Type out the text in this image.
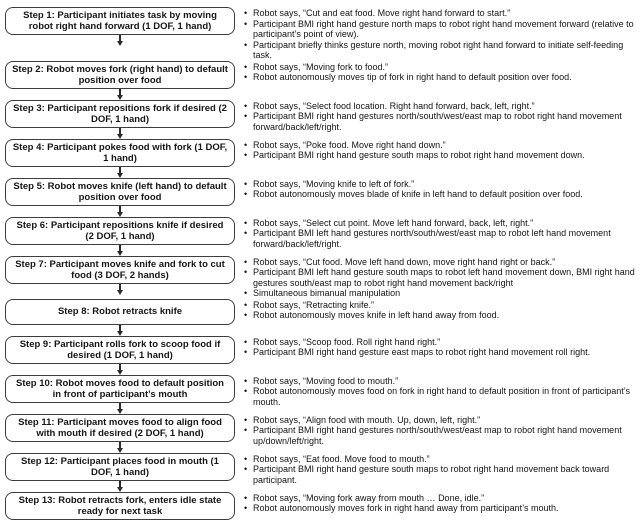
Step 1: Participant initiates task by moving robot right hand forward (1 DOF, 1 hand)
• Robot says, “Cut and eat food. Move right hand forward to start.”
• Participant BMI right hand gesture north maps to robot right hand movement forward (relative to participant’s point of view).
• Participant briefly thinks gesture north, moving robot right hand forward to initiate self-feeding task.
Step 2: Robot moves fork (right hand) to default position over food
• Robot says, “Moving fork to food.”
• Robot autonomously moves tip of fork in right hand to default position over food.
Step 3: Participant repositions fork if desired (2 DOF, 1 hand)
• Robot says, “Select food location. Right hand forward, back, left, right.”
• Participant BMI right hand gestures north/south/west/east map to robot right hand movement forward/back/left/right.
Step 4: Participant pokes food with fork (1 DOF, 1 hand)
• Robot says, “Poke food. Move right hand down.”
• Participant BMI right hand gesture south maps to robot right hand movement down.
Step 5: Robot moves knife (left hand) to default position over food
• Robot says, “Moving knife to left of fork.”
• Robot autonomously moves blade of knife in left hand to default position over food.
Step 6: Participant repositions knife if desired (2 DOF, 1 hand)
• Robot says, “Select cut point. Move left hand forward, back, left, right.”
• Participant BMI left hand gestures north/south/west/east map to robot left hand movement forward/back/left/right.
Step 7: Participant moves knife and fork to cut food (3 DOF, 2 hands)
• Robot says, “Cut food. Move left hand down, move right hand right or back.”
• Participant BMI left hand gesture south maps to robot left hand movement down, BMI right hand gestures south/east map to robot right hand movement back/right
• Simultaneous bimanual manipulation
Step 8: Robot retracts knife
• Robot says, “Retracting knife.”
• Robot autonomously moves knife in left hand away from food.
Step 9: Participant rolls fork to scoop food if desired (1 DOF, 1 hand)
• Robot says, “Scoop food. Roll right hand right.”
• Participant BMI right hand gesture east maps to robot right hand movement roll right.
Step 10: Robot moves food to default position in front of participant’s mouth
• Robot says, “Moving food to mouth.”
• Robot autonomously moves food on fork in right hand to default position in front of participant’s mouth.
Step 11: Participant moves food to align food with mouth if desired (2 DOF, 1 hand)
• Robot says, “Align food with mouth. Up, down, left, right.”
• Participant BMI right hand gestures north/south/west/east map to robot right hand movement up/down/left/right.
Step 12: Participant places food in mouth (1 DOF, 1 hand)
• Robot says, “Eat food. Move food to mouth.”
• Participant BMI right hand gesture south maps to robot right hand movement back toward participant.
Step 13: Robot retracts fork, enters idle state ready for next task
• Robot says, “Moving fork away from mouth … Done, idle.”
• Robot autonomously moves fork in right hand away from participant’s mouth.
